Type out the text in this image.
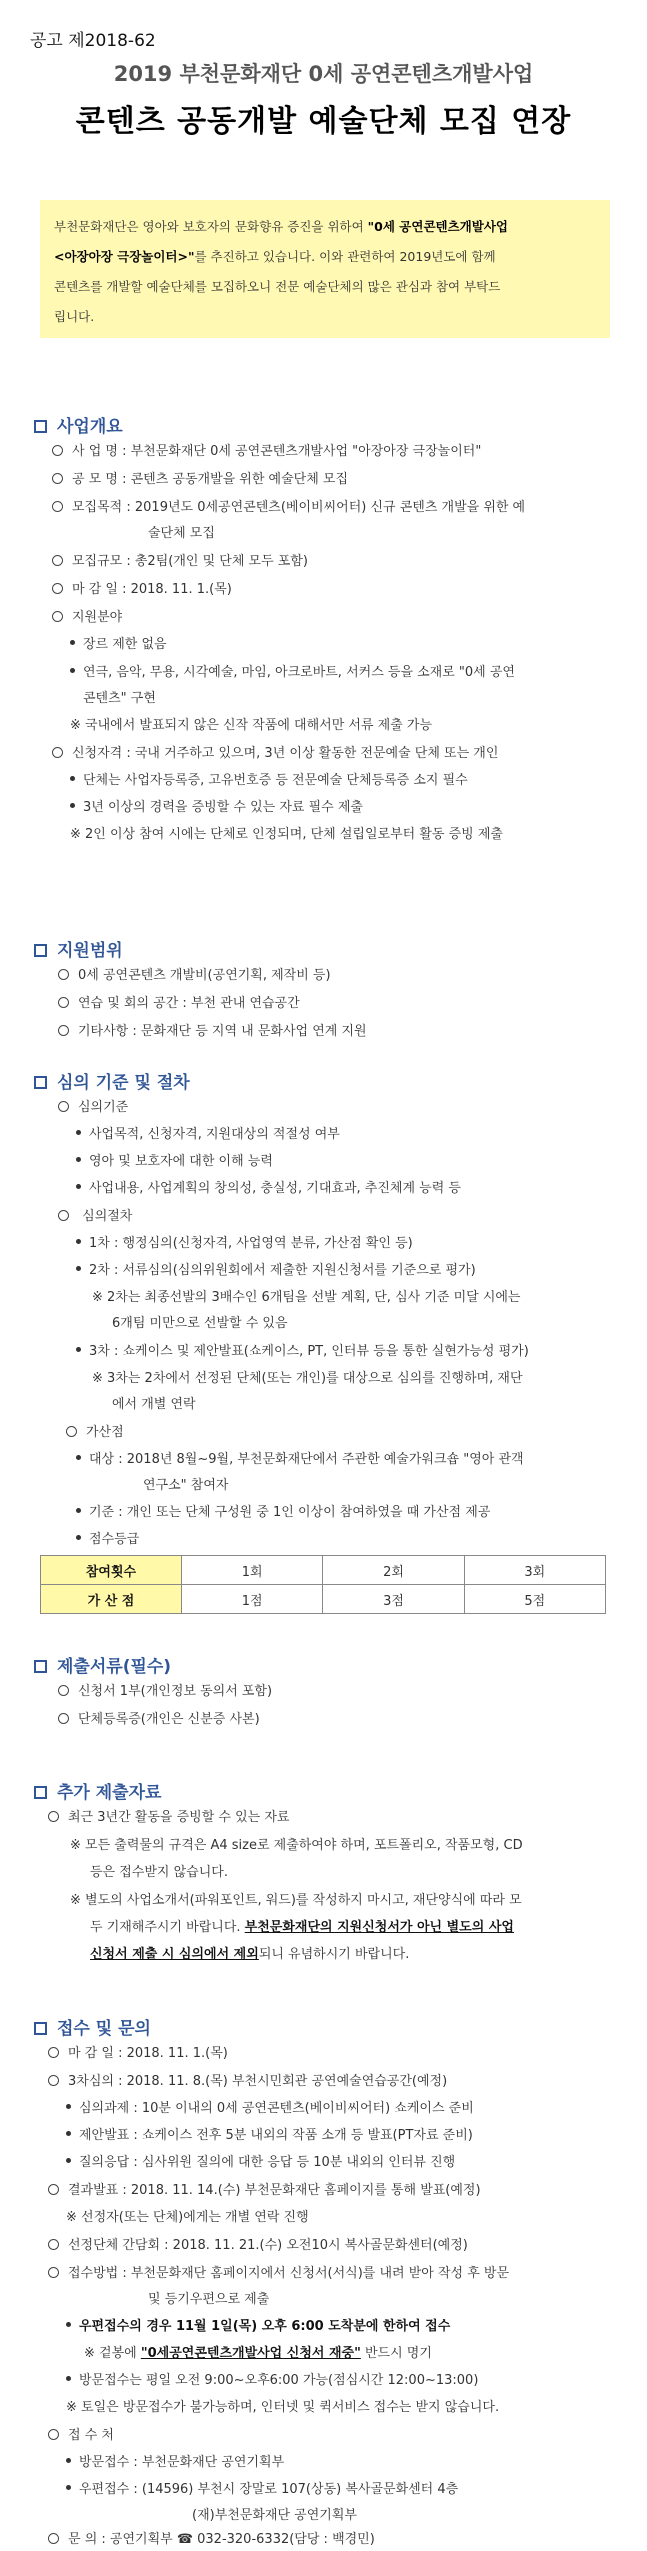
공고 제2018-62
2019 부천문화재단 0세 공연콘텐츠개발사업
콘텐츠 공동개발 예술단체 모집 연장
부천문화재단은 영아와 보호자의 문화향유 증진을 위하여 "0세 공연콘텐츠개발사업
<아장아장 극장놀이터>"를 추진하고 있습니다. 이와 관련하여 2019년도에 함께
콘텐츠를 개발할 예술단체를 모집하오니 전문 예술단체의 많은 관심과 참여 부탁드
립니다.
사업개요
사 업 명 : 부천문화재단 0세 공연콘텐츠개발사업 "아장아장 극장놀이터"
공 모 명 : 콘텐츠 공동개발을 위한 예술단체 모집
모집목적 : 2019년도 0세공연콘텐츠(베이비씨어터) 신규 콘텐츠 개발을 위한 예
술단체 모집
모집규모 : 총2팀(개인 및 단체 모두 포함)
마 감 일 : 2018. 11. 1.(목)
지원분야
장르 제한 없음
연극, 음악, 무용, 시각예술, 마임, 아크로바트, 서커스 등을 소재로 "0세 공연
콘텐츠" 구현
※ 국내에서 발표되지 않은 신작 작품에 대해서만 서류 제출 가능
신청자격 : 국내 거주하고 있으며, 3년 이상 활동한 전문예술 단체 또는 개인
단체는 사업자등록증, 고유번호증 등 전문예술 단체등록증 소지 필수
3년 이상의 경력을 증빙할 수 있는 자료 필수 제출
※ 2인 이상 참여 시에는 단체로 인정되며, 단체 설립일로부터 활동 증빙 제출
지원범위
0세 공연콘텐츠 개발비(공연기획, 제작비 등)
연습 및 회의 공간 : 부천 관내 연습공간
기타사항 : 문화재단 등 지역 내 문화사업 연계 지원
심의 기준 및 절차
심의기준
사업목적, 신청자격, 지원대상의 적절성 여부
영아 및 보호자에 대한 이해 능력
사업내용, 사업계획의 창의성, 충실성, 기대효과, 추진체계 능력 등
심의절차
1차 : 행정심의(신청자격, 사업영역 분류, 가산점 확인 등)
2차 : 서류심의(심의위원회에서 제출한 지원신청서를 기준으로 평가)
※ 2차는 최종선발의 3배수인 6개팀을 선발 계획, 단, 심사 기준 미달 시에는
6개팀 미만으로 선발할 수 있음
3차 : 쇼케이스 및 제안발표(쇼케이스, PT, 인터뷰 등을 통한 실현가능성 평가)
※ 3차는 2차에서 선정된 단체(또는 개인)를 대상으로 심의를 진행하며, 재단
에서 개별 연락
가산점
대상 : 2018년 8월~9월, 부천문화재단에서 주관한 예술가워크숍 "영아 관객
연구소" 참여자
기준 : 개인 또는 단체 구성원 중 1인 이상이 참여하였을 때 가산점 제공
점수등급
참여횟수	1회	2회	3회
가 산 점	1점	3점	5점
제출서류(필수)
신청서 1부(개인정보 동의서 포함)
단체등록증(개인은 신분증 사본)
추가 제출자료
최근 3년간 활동을 증빙할 수 있는 자료
※ 모든 출력물의 규격은 A4 size로 제출하여야 하며, 포트폴리오, 작품모형, CD
등은 접수받지 않습니다.
※ 별도의 사업소개서(파워포인트, 워드)를 작성하지 마시고, 재단양식에 따라 모
두 기재해주시기 바랍니다. 부천문화재단의 지원신청서가 아닌 별도의 사업
신청서 제출 시 심의에서 제외되니 유념하시기 바랍니다.
접수 및 문의
마 감 일 : 2018. 11. 1.(목)
3차심의 : 2018. 11. 8.(목) 부천시민회관 공연예술연습공간(예정)
심의과제 : 10분 이내의 0세 공연콘텐츠(베이비씨어터) 쇼케이스 준비
제안발표 : 쇼케이스 전후 5분 내외의 작품 소개 등 발표(PT자료 준비)
질의응답 : 심사위원 질의에 대한 응답 등 10분 내외의 인터뷰 진행
결과발표 : 2018. 11. 14.(수) 부천문화재단 홈페이지를 통해 발표(예정)
※ 선정자(또는 단체)에게는 개별 연락 진행
선정단체 간담회 : 2018. 11. 21.(수) 오전10시 복사골문화센터(예정)
접수방법 : 부천문화재단 홈페이지에서 신청서(서식)를 내려 받아 작성 후 방문
및 등기우편으로 제출
우편접수의 경우 11월 1일(목) 오후 6:00 도착분에 한하여 접수
※ 겉봉에 "0세공연콘텐츠개발사업 신청서 재중" 반드시 명기
방문접수는 평일 오전 9:00~오후6:00 가능(점심시간 12:00~13:00)
※ 토일은 방문접수가 불가능하며, 인터넷 및 퀵서비스 접수는 받지 않습니다.
접 수 처
방문접수 : 부천문화재단 공연기획부
우편접수 : (14596) 부천시 장말로 107(상동) 복사골문화센터 4층
(재)부천문화재단 공연기획부
문 의 : 공연기획부 ☎ 032-320-6332(담당 : 백경민)
